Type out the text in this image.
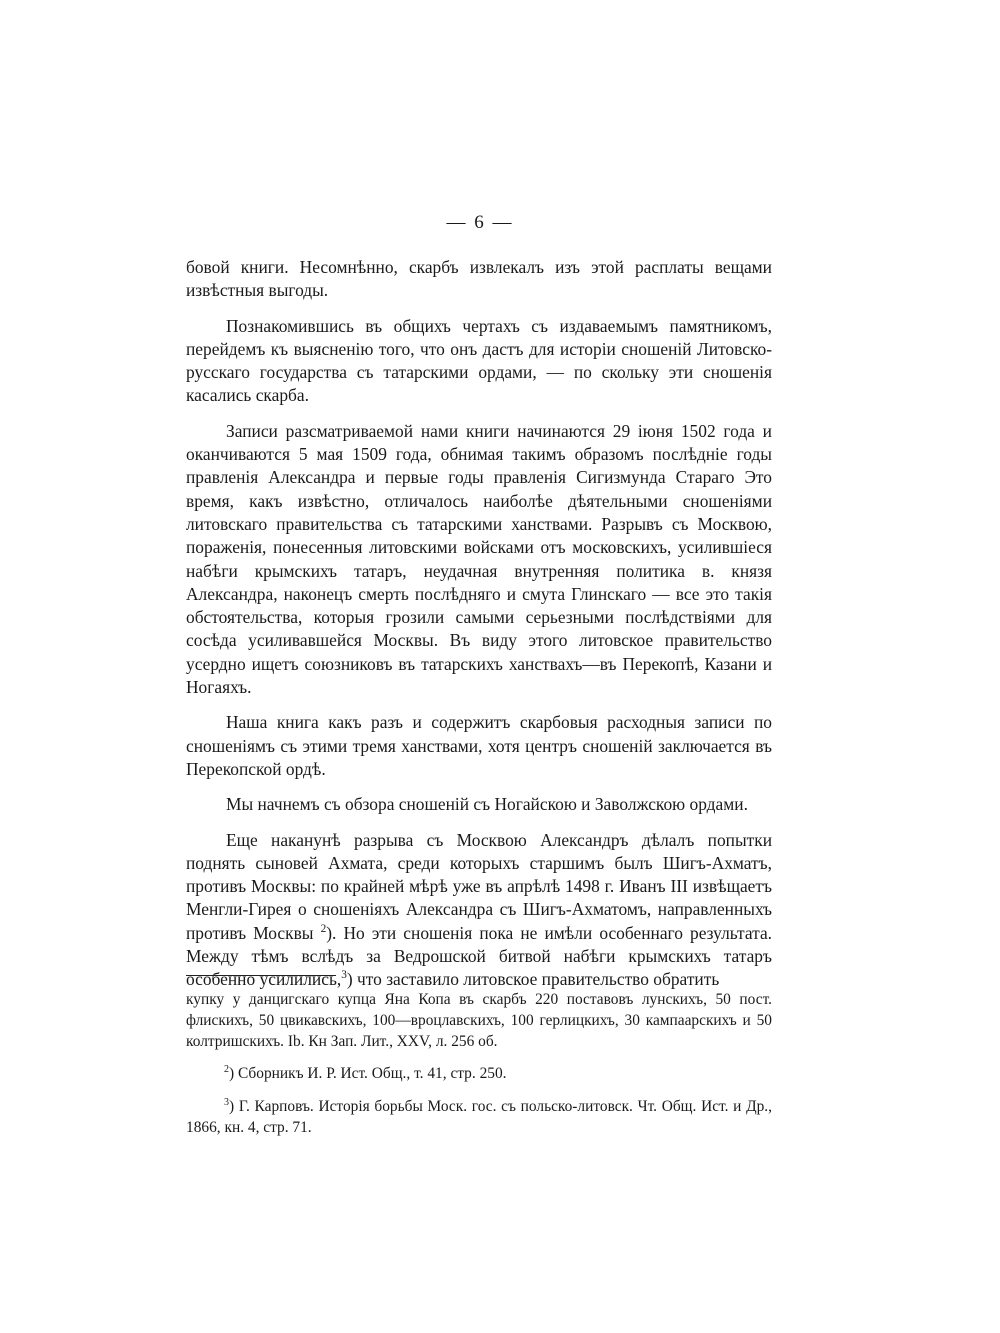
— 6 —

бовой книги. Несомнѣнно, скарбъ извлекалъ изъ этой расплаты вещами извѣстныя выгоды.

Познакомившись въ общихъ чертахъ съ издаваемымъ памятникомъ, перейдемъ къ выясненію того, что онъ дастъ для исторіи сношеній Литовско-русскаго государства съ татарскими ордами, — по скольку эти сношенія касались скарба.

Записи разсматриваемой нами книги начинаются 29 іюня 1502 года и оканчиваются 5 мая 1509 года, обнимая такимъ образомъ послѣдніе годы правленія Александра и первые годы правленія Сигизмунда Стараго Это время, какъ извѣстно, отличалось наиболѣе дѣятельными сношеніями литовскаго правительства съ татарскими ханствами. Разрывъ съ Москвою, пораженія, понесенныя литовскими войсками отъ московскихъ, усилившіеся набѣги крымскихъ татаръ, неудачная внутренняя политика в. князя Александра, наконецъ смерть послѣдняго и смута Глинскаго — все это такія обстоятельства, которыя грозили самыми серьезными послѣдствіями для сосѣда усиливавшейся Москвы. Въ виду этого литовское правительство усердно ищетъ союзниковъ въ татарскихъ ханствахъ—въ Перекопѣ, Казани и Ногаяхъ.

Наша книга какъ разъ и содержитъ скарбовыя расходныя записи по сношеніямъ съ этими тремя ханствами, хотя центръ сношеній заключается въ Перекопской ордѣ.

Мы начнемъ съ обзора сношеній съ Ногайскою и Заволжскою ордами.

Еще наканунѣ разрыва съ Москвою Александръ дѣлалъ попытки поднять сыновей Ахмата, среди которыхъ старшимъ былъ Шигъ-Ахматъ, противъ Москвы: по крайней мѣрѣ уже въ апрѣлѣ 1498 г. Иванъ III извѣщаетъ Менгли-Гирея о сношеніяхъ Александра съ Шигъ-Ахматомъ, направленныхъ противъ Москвы $^2$). Но эти сношенія пока не имѣли особеннаго результата. Между тѣмъ вслѣдъ за Ведрошской битвой набѣги крымскихъ татаръ особенно усилились,$^3$) что заставило литовское правительство обратить

купку у данцигскаго купца Яна Копа въ скарбъ 220 поставовъ лунскихъ, 50 пост. флискихъ, 50 цвикавскихъ, 100—вроцлавскихъ, 100 герлицкихъ, 30 кампаарскихъ и 50 колтришскихъ. Ib. Кн Зап. Лит., XXV, л. 256 об.

$^2$) Сборникъ И. Р. Ист. Общ., т. 41, стр. 250.

$^3$) Г. Карповъ. Исторія борьбы Моск. гос. съ польско-литовск. Чт. Общ. Ист. и Др., 1866, кн. 4, стр. 71.
